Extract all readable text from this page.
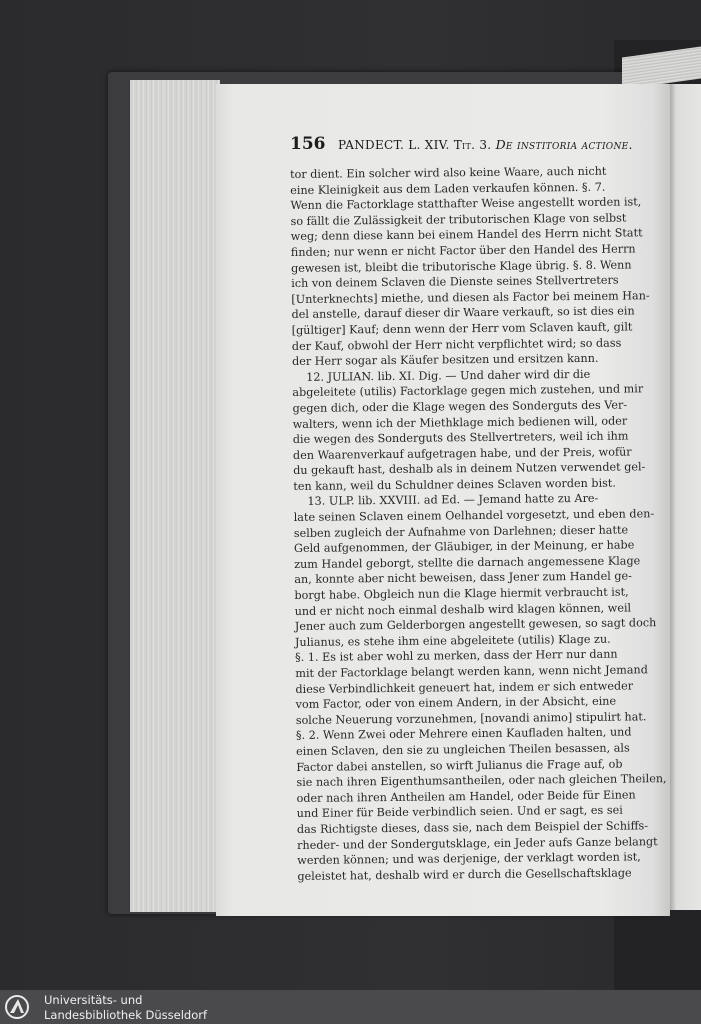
156 PANDECT. L. XIV. Tit. 3. De institoria actione.
tor dient. Ein solcher wird also keine Waare, auch nicht
eine Kleinigkeit aus dem Laden verkaufen können. §. 7.
Wenn die Factorklage statthafter Weise angestellt worden ist,
so fällt die Zulässigkeit der tributorischen Klage von selbst
weg; denn diese kann bei einem Handel des Herrn nicht Statt
finden; nur wenn er nicht Factor über den Handel des Herrn
gewesen ist, bleibt die tributorische Klage übrig. §. 8. Wenn
ich von deinem Sclaven die Dienste seines Stellvertreters
[Unterknechts] miethe, und diesen als Factor bei meinem Han-
del anstelle, darauf dieser dir Waare verkauft, so ist dies ein
[gültiger] Kauf; denn wenn der Herr vom Sclaven kauft, gilt
der Kauf, obwohl der Herr nicht verpflichtet wird; so dass
der Herr sogar als Käufer besitzen und ersitzen kann.
12. JULIAN. lib. XI. Dig. — Und daher wird dir die
abgeleitete (utilis) Factorklage gegen mich zustehen, und mir
gegen dich, oder die Klage wegen des Sonderguts des Ver-
walters, wenn ich der Miethklage mich bedienen will, oder
die wegen des Sonderguts des Stellvertreters, weil ich ihm
den Waarenverkauf aufgetragen habe, und der Preis, wofür
du gekauft hast, deshalb als in deinem Nutzen verwendet gel-
ten kann, weil du Schuldner deines Sclaven worden bist.
13. ULP. lib. XXVIII. ad Ed. — Jemand hatte zu Are-
late seinen Sclaven einem Oelhandel vorgesetzt, und eben den-
selben zugleich der Aufnahme von Darlehnen; dieser hatte
Geld aufgenommen, der Gläubiger, in der Meinung, er habe
zum Handel geborgt, stellte die darnach angemessene Klage
an, konnte aber nicht beweisen, dass Jener zum Handel ge-
borgt habe. Obgleich nun die Klage hiermit verbraucht ist,
und er nicht noch einmal deshalb wird klagen können, weil
Jener auch zum Gelderborgen angestellt gewesen, so sagt doch
Julianus, es stehe ihm eine abgeleitete (utilis) Klage zu.
§. 1. Es ist aber wohl zu merken, dass der Herr nur dann
mit der Factorklage belangt werden kann, wenn nicht Jemand
diese Verbindlichkeit geneuert hat, indem er sich entweder
vom Factor, oder von einem Andern, in der Absicht, eine
solche Neuerung vorzunehmen, [novandi animo] stipulirt hat.
§. 2. Wenn Zwei oder Mehrere einen Kaufladen halten, und
einen Sclaven, den sie zu ungleichen Theilen besassen, als
Factor dabei anstellen, so wirft Julianus die Frage auf, ob
sie nach ihren Eigenthumsantheilen, oder nach gleichen Theilen,
oder nach ihren Antheilen am Handel, oder Beide für Einen
und Einer für Beide verbindlich seien. Und er sagt, es sei
das Richtigste dieses, dass sie, nach dem Beispiel der Schiffs-
rheder- und der Sondergutsklage, ein Jeder aufs Ganze belangt
werden können; und was derjenige, der verklagt worden ist,
geleistet hat, deshalb wird er durch die Gesellschaftsklage
Universitäts- und
Landesbibliothek Düsseldorf
